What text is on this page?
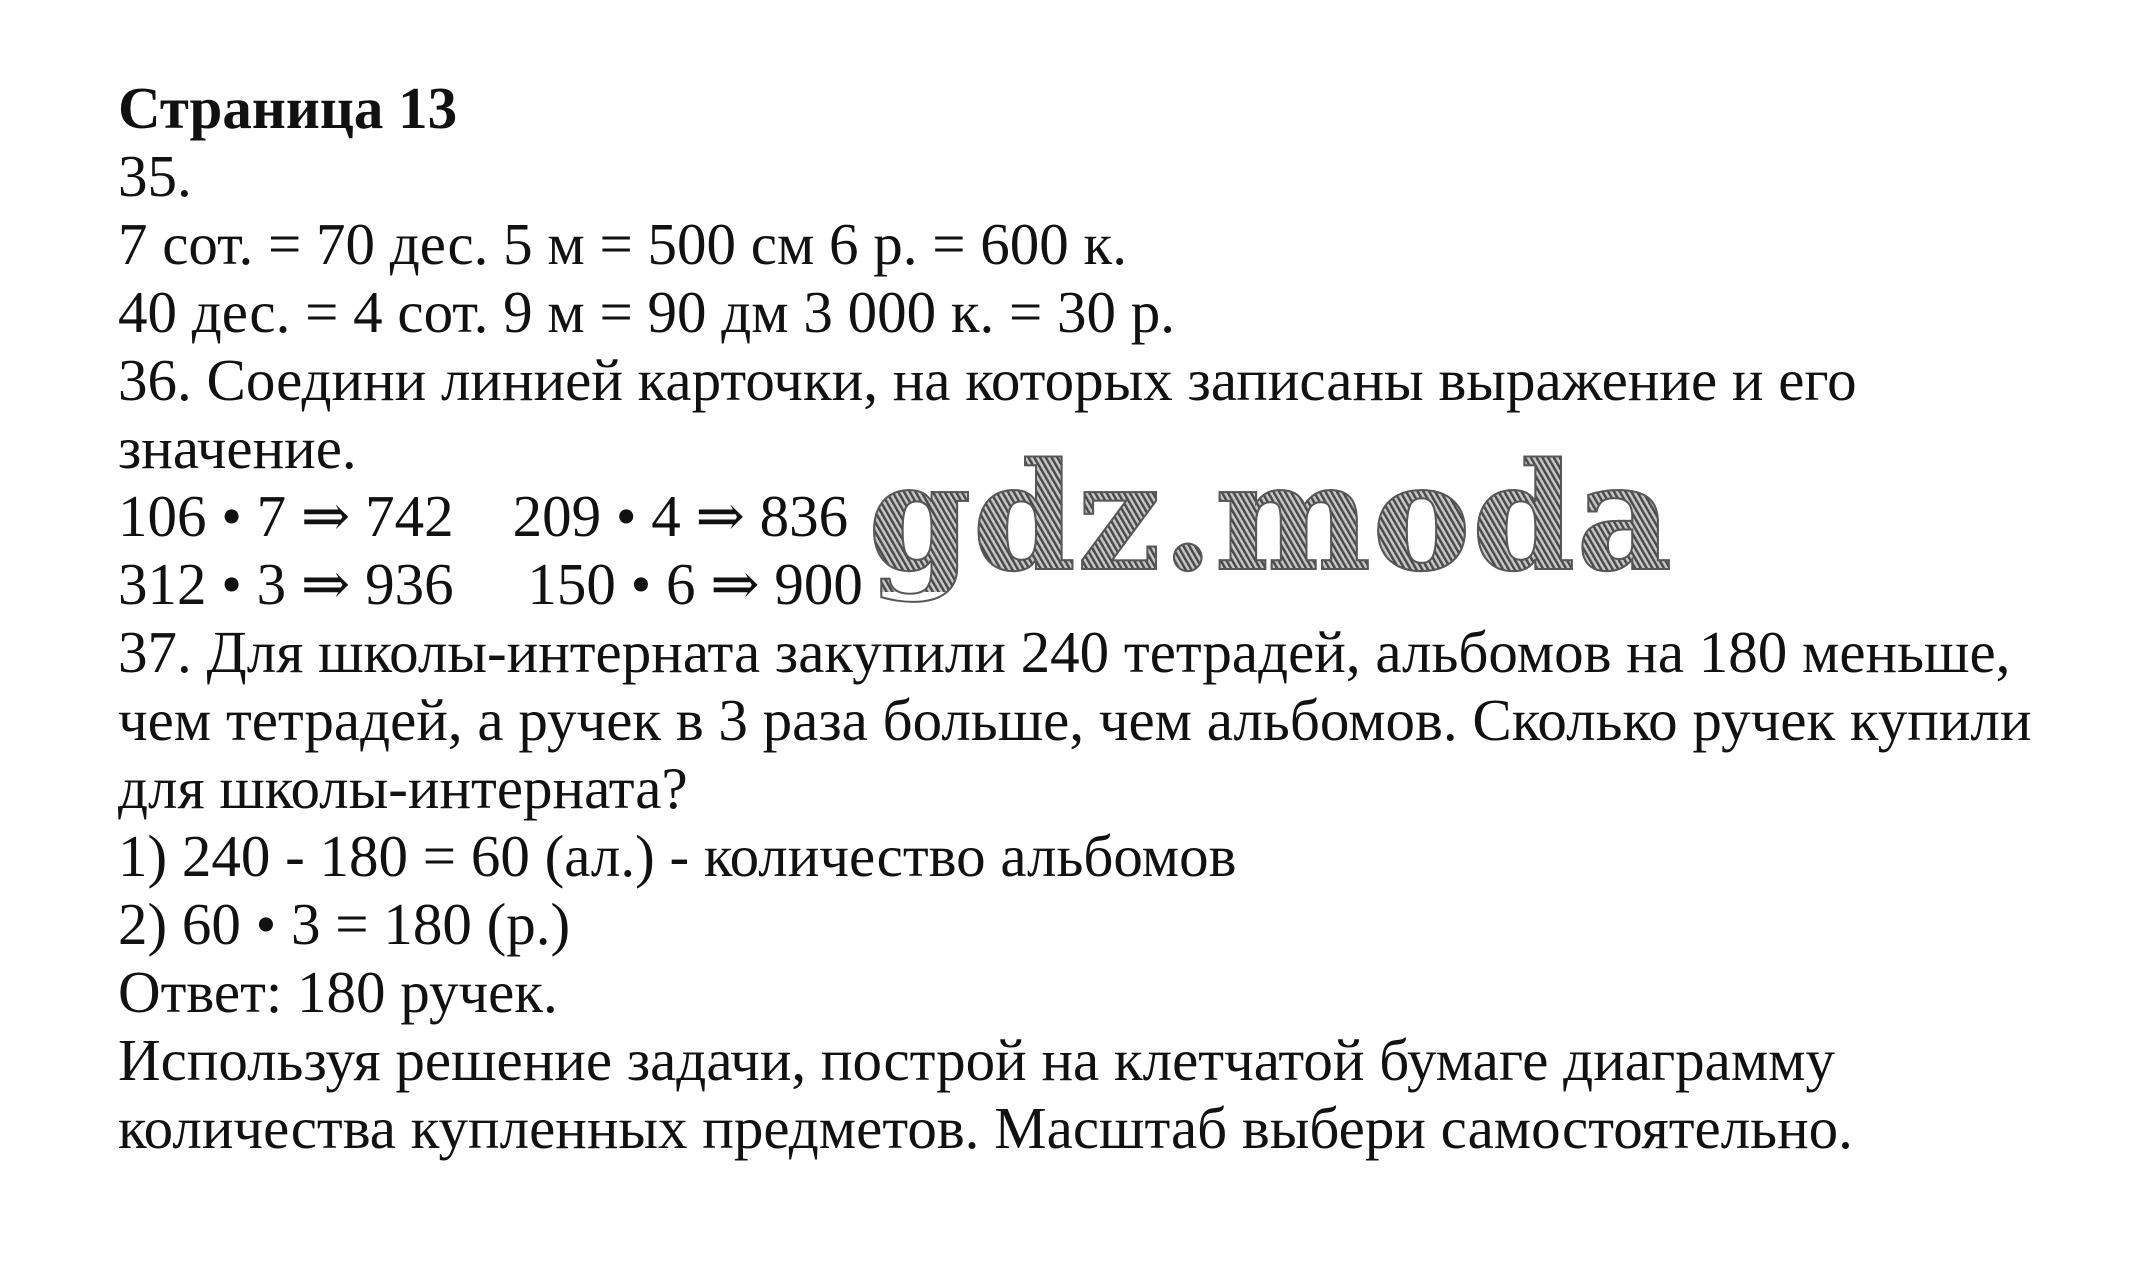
Страница 13
35.
7 сот. = 70 дес. 5 м = 500 см 6 р. = 600 к.
40 дес. = 4 сот. 9 м = 90 дм 3 000 к. = 30 р.
36. Соедини линией карточки, на которых записаны выражение и его
значение.
106 • 7 ⇒ 742    209 • 4 ⇒ 836
312 • 3 ⇒ 936     150 • 6 ⇒ 900
37. Для школы-интерната закупили 240 тетрадей, альбомов на 180 меньше,
чем тетрадей, а ручек в 3 раза больше, чем альбомов. Сколько ручек купили
для школы-интерната?
1) 240 - 180 = 60 (ал.) - количество альбомов
2) 60 • 3 = 180 (р.)
Ответ: 180 ручек.
Используя решение задачи, построй на клетчатой бумаге диаграмму
количества купленных предметов. Масштаб выбери самостоятельно.
gdz.moda
